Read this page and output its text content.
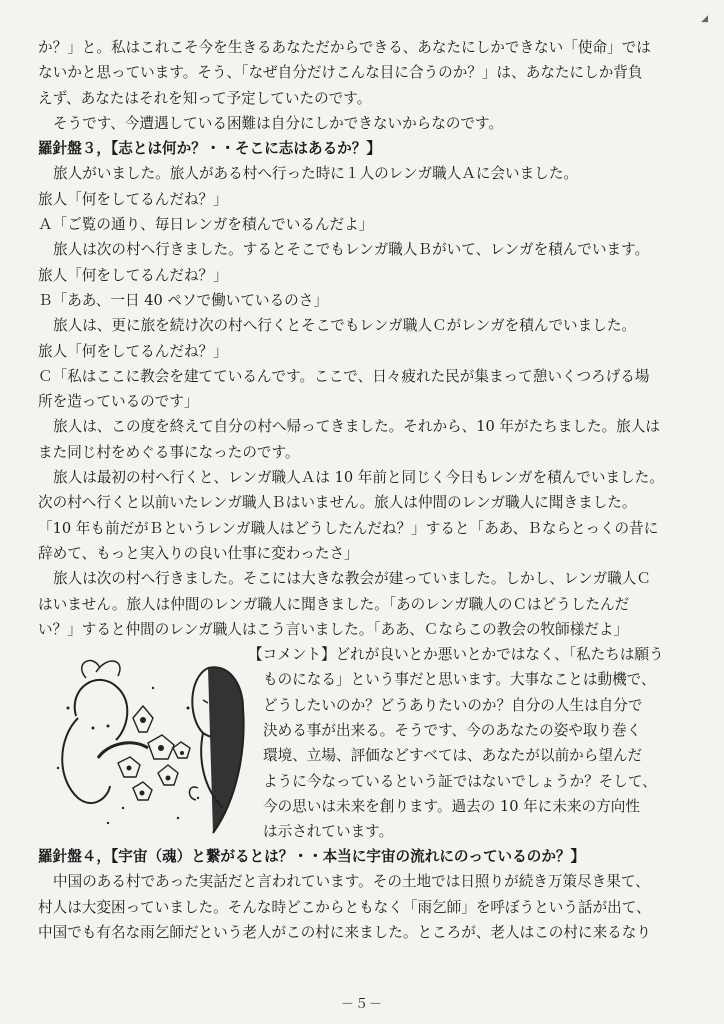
◢
か？」と。私はこれこそ今を生きるあなただからできる、あなたにしかできない「使命」では
ないかと思っています。そう、「なぜ自分だけこんな目に合うのか？」は、あなたにしか背負
えず、あなたはそれを知って予定していたのです。
そうです、今遭遇している困難は自分にしかできないからなのです。
羅針盤３，【志とは何か？・・そこに志はあるか？】
旅人がいました。旅人がある村へ行った時に１人のレンガ職人Ａに会いました。
旅人「何をしてるんだね？」
Ａ「ご覧の通り、毎日レンガを積んでいるんだよ」
旅人は次の村へ行きました。するとそこでもレンガ職人Ｂがいて、レンガを積んでいます。
旅人「何をしてるんだね？」
Ｂ「ああ、一日 40 ペソで働いているのさ」
旅人は、更に旅を続け次の村へ行くとそこでもレンガ職人Ｃがレンガを積んでいました。
旅人「何をしてるんだね？」
Ｃ「私はここに教会を建てているんです。ここで、日々疲れた民が集まって憩いくつろげる場
所を造っているのです」
旅人は、この度を終えて自分の村へ帰ってきました。それから、10 年がたちました。旅人は
また同じ村をめぐる事になったのです。
旅人は最初の村へ行くと、レンガ職人Ａは 10 年前と同じく今日もレンガを積んでいました。
次の村へ行くと以前いたレンガ職人Ｂはいません。旅人は仲間のレンガ職人に聞きました。
「10 年も前だがＢというレンガ職人はどうしたんだね？」すると「ああ、Ｂならとっくの昔に
辞めて、もっと実入りの良い仕事に変わったさ」
旅人は次の村へ行きました。そこには大きな教会が建っていました。しかし、レンガ職人Ｃ
はいません。旅人は仲間のレンガ職人に聞きました。「あのレンガ職人のＣはどうしたんだ
い？」すると仲間のレンガ職人はこう言いました。「ああ、Ｃならこの教会の牧師様だよ」
【コメント】どれが良いとか悪いとかではなく、「私たちは願う
ものになる」という事だと思います。大事なことは動機で、
どうしたいのか？どうありたいのか？自分の人生は自分で
決める事が出来る。そうです、今のあなたの姿や取り巻く
環境、立場、評価などすべては、あなたが以前から望んだ
ように今なっているという証ではないでしょうか？そして、
今の思いは未来を創ります。過去の 10 年に未来の方向性
は示されています。
羅針盤４，【宇宙（魂）と繋がるとは？・・本当に宇宙の流れにのっているのか？】
中国のある村であった実話だと言われています。その土地では日照りが続き万策尽き果て、
村人は大変困っていました。そんな時どこからともなく「雨乞師」を呼ぼうという話が出て、
中国でも有名な雨乞師だという老人がこの村に来ました。ところが、老人はこの村に来るなり
－５－
